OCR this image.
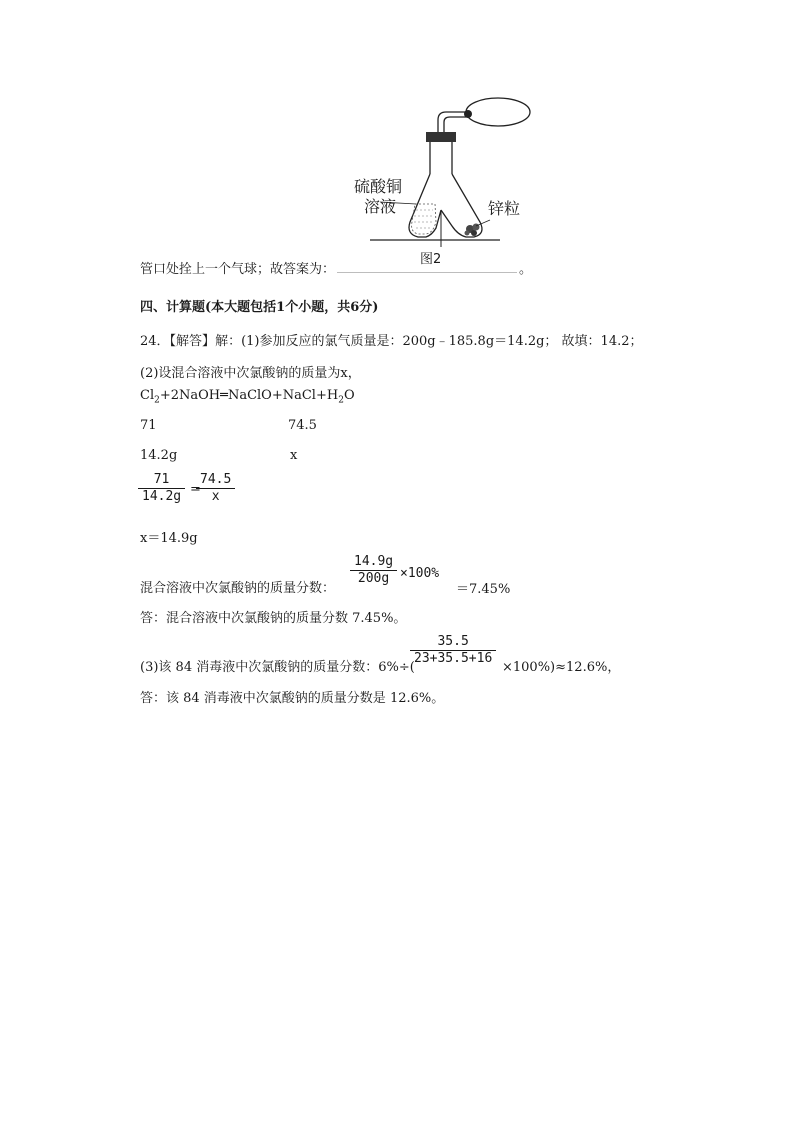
硫酸铜
溶液	锌粒
图2
管口处拴上一个气球；故答案为：	。
四、计算题(本大题包括1个小题，共6分)
24．【解答】解：(1)参加反应的氯气质量是：200g﹣185.8g＝14.2g； 故填：14.2；
(2)设混合溶液中次氯酸钠的质量为x，
$Cl_2+2NaOH═NaClO+NaCl+H_2O$
71	74.5
14.2g	x
71
14.2g =
74.5
x
x＝14.9g
混合溶液中次氯酸钠的质量分数：
14.9g
200g ×100%
＝7.45%
答：混合溶液中次氯酸钠的质量分数 7.45%。
(3)该 84 消毒液中次氯酸钠的质量分数：6%÷(
35.5
23+35.5+16
×100%)≈12.6%，
答：该 84 消毒液中次氯酸钠的质量分数是 12.6%。
